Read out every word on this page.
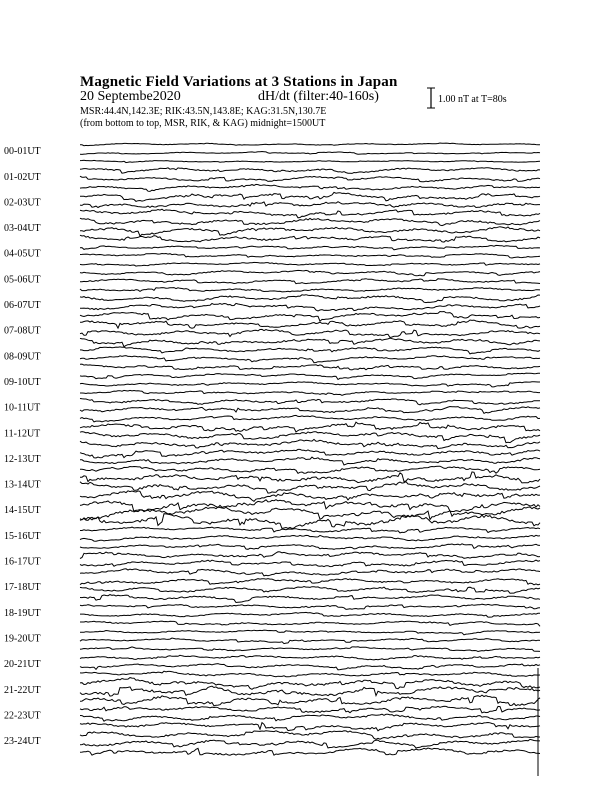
Magnetic Field Variations at 3 Stations in Japan
20 Septembe2020	dH/dt (filter:40-160s)
MSR:44.4N,142.3E; RIK:43.5N,143.8E; KAG:31.5N,130.7E
(from bottom to top, MSR, RIK, & KAG) midnight=1500UT
1.00 nT at T=80s
00-01UT
01-02UT
02-03UT
03-04UT
04-05UT
05-06UT
06-07UT
07-08UT
08-09UT
09-10UT
10-11UT
11-12UT
12-13UT
13-14UT
14-15UT
15-16UT
16-17UT
17-18UT
18-19UT
19-20UT
20-21UT
21-22UT
22-23UT
23-24UT
